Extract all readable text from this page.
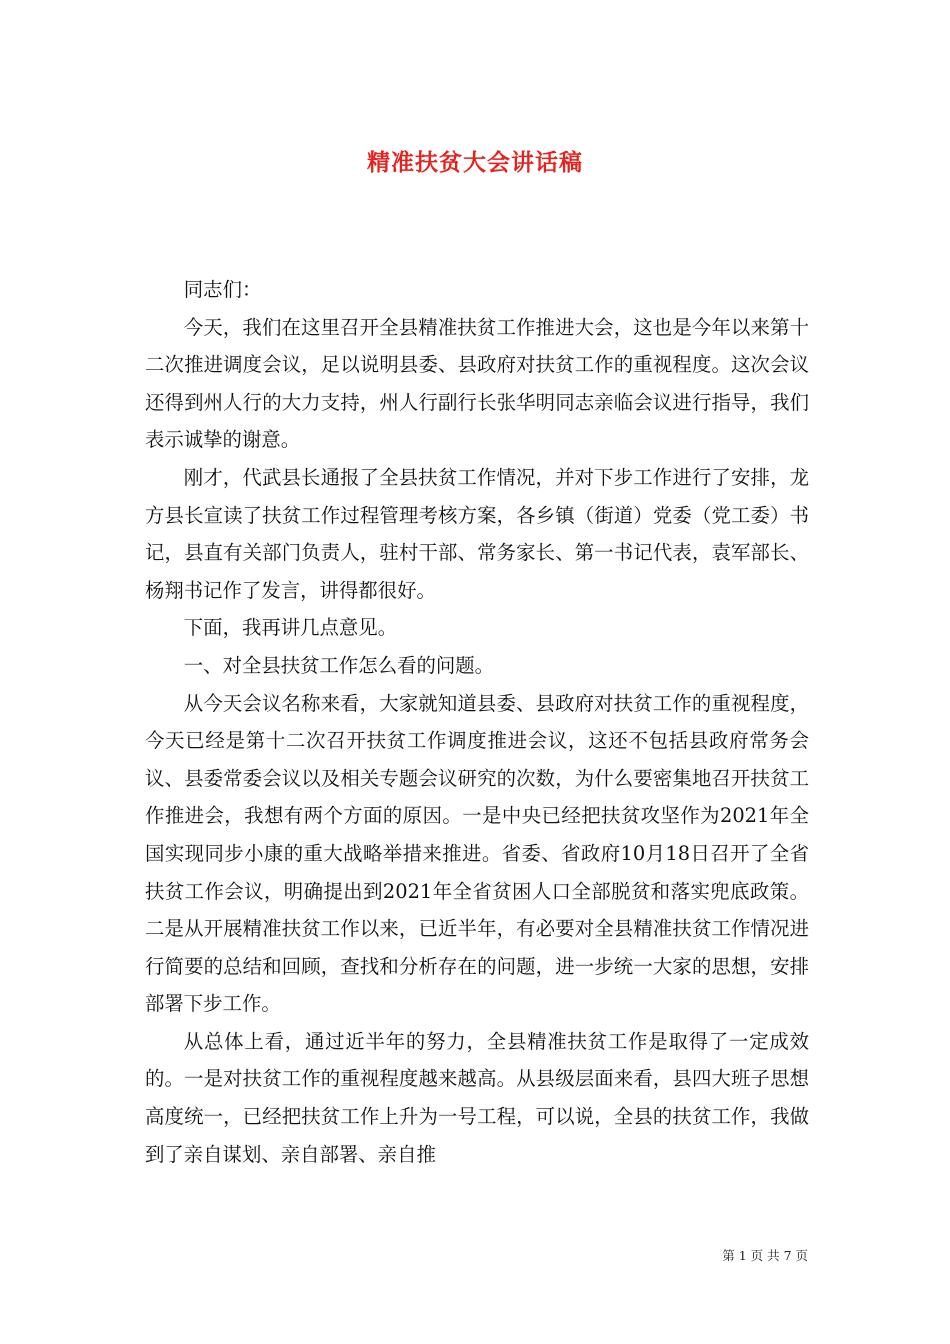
精准扶贫大会讲话稿

同志们：

今天，我们在这里召开全县精准扶贫工作推进大会，这也是今年以来第十二次推进调度会议，足以说明县委、县政府对扶贫工作的重视程度。这次会议还得到州人行的大力支持，州人行副行长张华明同志亲临会议进行指导，我们表示诚挚的谢意。

刚才，代武县长通报了全县扶贫工作情况，并对下步工作进行了安排，龙方县长宣读了扶贫工作过程管理考核方案，各乡镇（街道）党委（党工委）书记，县直有关部门负责人，驻村干部、常务家长、第一书记代表，袁军部长、杨翔书记作了发言，讲得都很好。

下面，我再讲几点意见。

一、对全县扶贫工作怎么看的问题。

从今天会议名称来看，大家就知道县委、县政府对扶贫工作的重视程度，今天已经是第十二次召开扶贫工作调度推进会议，这还不包括县政府常务会议、县委常委会议以及相关专题会议研究的次数，为什么要密集地召开扶贫工作推进会，我想有两个方面的原因。一是中央已经把扶贫攻坚作为2021年全国实现同步小康的重大战略举措来推进。省委、省政府10月18日召开了全省扶贫工作会议，明确提出到2021年全省贫困人口全部脱贫和落实兜底政策。二是从开展精准扶贫工作以来，已近半年，有必要对全县精准扶贫工作情况进行简要的总结和回顾，查找和分析存在的问题，进一步统一大家的思想，安排部署下步工作。

从总体上看，通过近半年的努力，全县精准扶贫工作是取得了一定成效的。一是对扶贫工作的重视程度越来越高。从县级层面来看，县四大班子思想高度统一，已经把扶贫工作上升为一号工程，可以说，全县的扶贫工作，我做到了亲自谋划、亲自部署、亲自推

第 1 页 共 7 页
